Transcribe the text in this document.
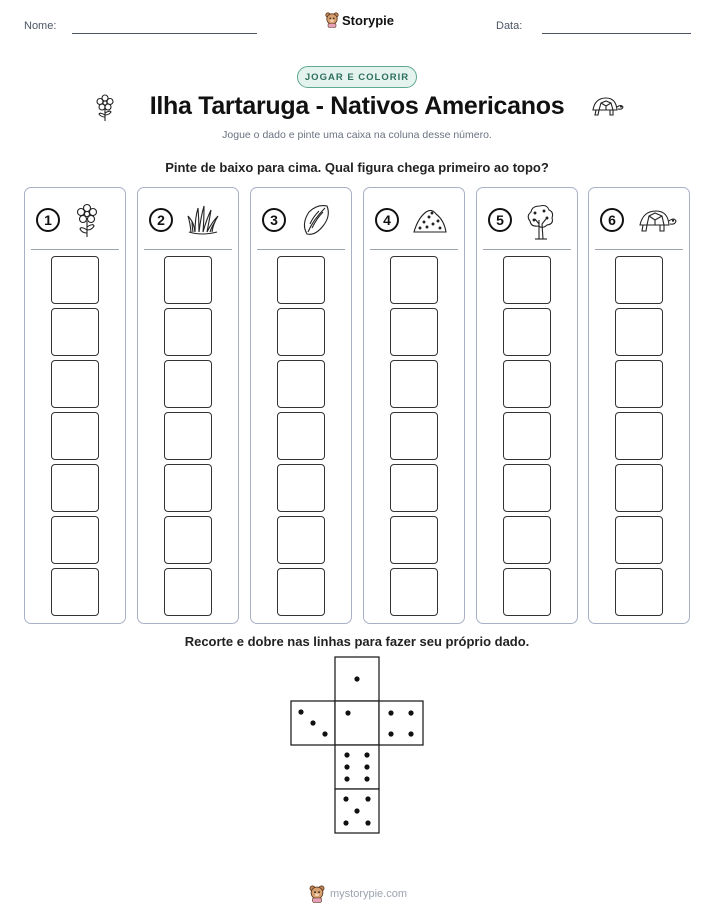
Nome:	Storypie	Data:
JOGAR E COLORIR
Ilha Tartaruga - Nativos Americanos
Jogue o dado e pinte uma caixa na coluna desse número.
Pinte de baixo para cima. Qual figura chega primeiro ao topo?
1	2	3	4	5	6
Recorte e dobre nas linhas para fazer seu próprio dado.
mystorypie.com
